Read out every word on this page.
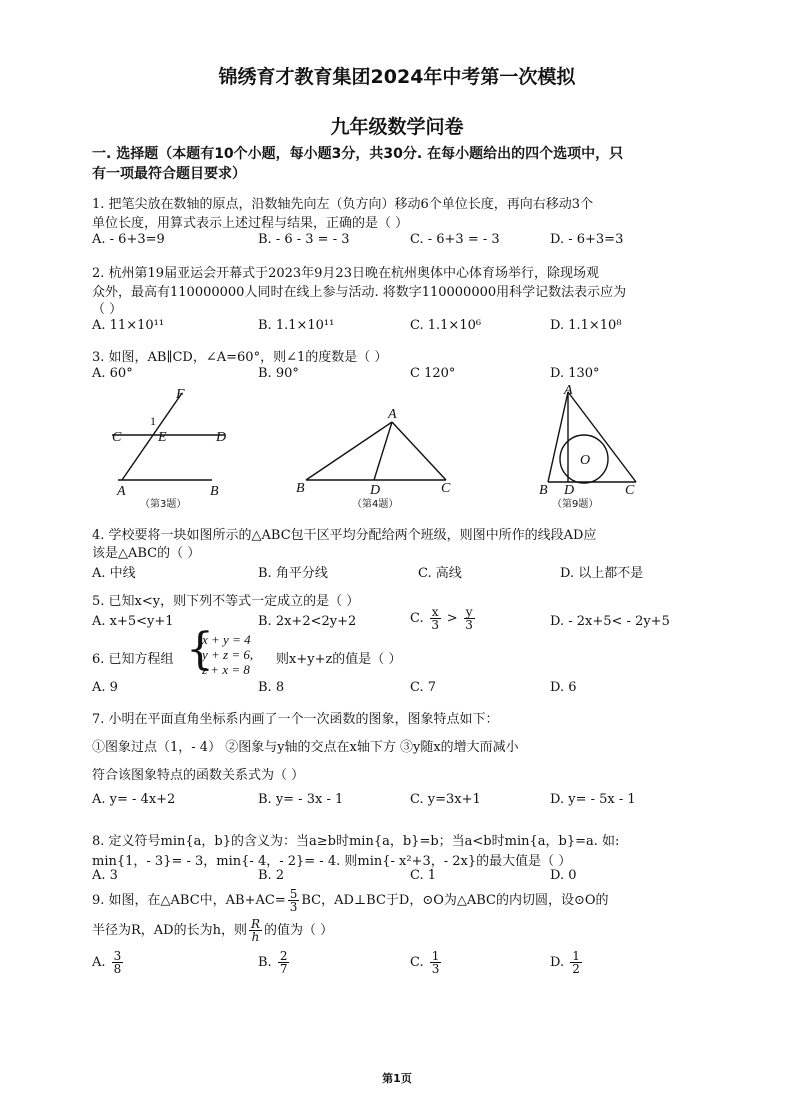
锦绣育才教育集团2024年中考第一次模拟
九年级数学问卷
一. 选择题（本题有10个小题，每小题3分，共30分. 在每小题给出的四个选项中，只
有一项最符合题目要求）
1. 把笔尖放在数轴的原点，沿数轴先向左（负方向）移动6个单位长度，再向右移动3个
单位长度，用算式表示上述过程与结果，正确的是（ ）
A. - 6+3=9	B. - 6 - 3 = - 3	C. - 6+3 = - 3	D. - 6+3=3
2. 杭州第19届亚运会开幕式于2023年9月23日晚在杭州奥体中心体育场举行，除现场观
众外，最高有110000000人同时在线上参与活动. 将数字110000000用科学记数法表示应为
（ ）
A. 11×10¹¹	B. 1.1×10¹¹	C. 1.1×10⁶	D. 1.1×10⁸
3. 如图，AB∥CD，∠A=60°，则∠1的度数是（ ）
A. 60°	B. 90°	C 120°	D. 130°
F
1
C	E	D
A	B
（第3题）
A
B	D	C
（第4题）
A
O
B D	C
（第9题）
4. 学校要将一块如图所示的△ABC包干区平均分配给两个班级，则图中所作的线段AD应
该是△ABC的（ ）
A. 中线	B. 角平分线	C. 高线	D. 以上都不是
5. 已知x<y，则下列不等式一定成立的是（ ）
A. x+5<y+1	B. 2x+2<2y+2	C. $\frac{x}{3} > \frac{y}{3}$	D. - 2x+5< - 2y+5
6. 已知方程组 {
x + y = 4
y + z = 6,
z + x = 8
则x+y+z的值是（ ）
A. 9	B. 8	C. 7	D. 6
7. 小明在平面直角坐标系内画了一个一次函数的图象，图象特点如下：
①图象过点（1，- 4） ②图象与y轴的交点在x轴下方 ③y随x的增大而减小
符合该图象特点的函数关系式为（ ）
A. y= - 4x+2	B. y= - 3x - 1	C. y=3x+1	D. y= - 5x - 1
8. 定义符号min{a，b}的含义为：当a≥b时min{a，b}=b；当a<b时min{a，b}=a. 如:
min{1，- 3}= - 3，min{- 4，- 2}= - 4. 则min{- x²+3，- 2x}的最大值是（ ）
A. 3	B. 2	C. 1	D. 0
9. 如图，在△ABC中，$AB+AC= \frac{5}{3}$ BC，AD⊥BC于D，⊙O为△ABC的内切圆，设⊙O的
半径为R，AD的长为h，则 $\frac{R}{h}$ 的值为（ ）
A. $\frac{3}{8}$	B. $\frac{2}{7}$	C. $\frac{1}{3}$	D. $\frac{1}{2}$
第1页
